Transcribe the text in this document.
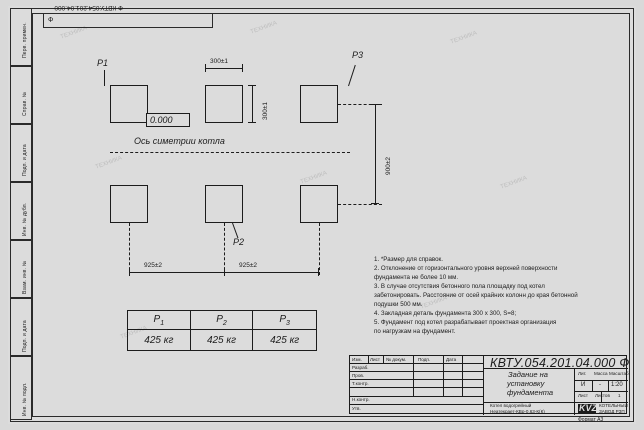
ТЕХНИКА	ТЕХНИКА
ТЕХНИКА
ТЕХНИКА
ТЕХНИКА	ТЕХНИКА
ТЕХНИКА
ТЕХНИКА
Перв. примен.
Справ. №
Подп. и дата
Инв. № дубл.
Взам. инв. №
Подп. и дата
Инв. № подл.
Ф
Ф КВТУ.054.201.04.000
P1
P3
P2
0.000
Ось симетрии котла
300±1
300±1
900±2
925±2	925±2
1. *Размер для справок.
2. Отклонение от горизонтального уровня верхней поверхности
фундамента не более 10 мм.
3. В случае отсутствия бетонного пола площадку под котел
забетонировать. Расстояние от осей крайних колонн до края бетонной
подушки 500 мм.
4. Закладная деталь фундамента 300 х 300, S=8;
5. Фундамент под котел разрабатывает проектная организация
по нагрузкам на фундамент.
$P_1$	$P_2$	$P_3$
425 кг	425 кг	425 кг
Изм. Лист № докум.	Подп.	Дата
Разраб.
Пров.
Т.контр.
Н.контр.
Утв.
КВТУ.054.201.04.000 Ф
Задание на
установку
фундамента
Котел водогрейный
Неатекрает-КВр-0,63-К(К)
Лит. Масса Масштаб
И - 1:20
Лист Листов 1
KVZR
КОТЕЛЬНЫЙ
ЗАВОД РЗП
Формат A3
